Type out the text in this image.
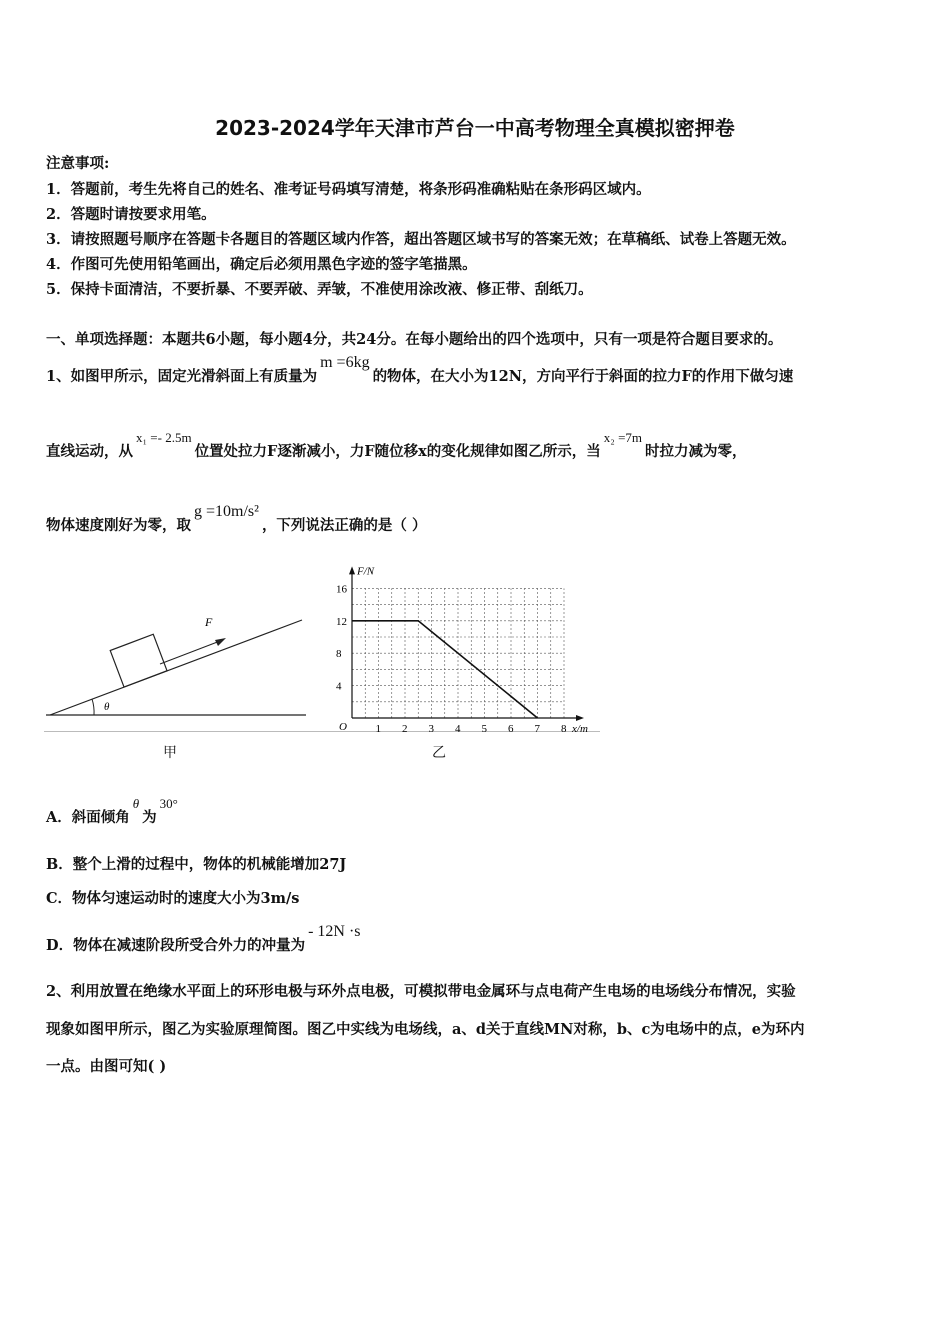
2023-2024学年天津市芦台一中高考物理全真模拟密押卷
注意事项:
1．答题前，考生先将自己的姓名、准考证号码填写清楚，将条形码准确粘贴在条形码区域内。
2．答题时请按要求用笔。
3．请按照题号顺序在答题卡各题目的答题区域内作答，超出答题区域书写的答案无效；在草稿纸、试卷上答题无效。
4．作图可先使用铅笔画出，确定后必须用黑色字迹的签字笔描黑。
5．保持卡面清洁，不要折暴、不要弄破、弄皱，不准使用涂改液、修正带、刮纸刀。
一、单项选择题：本题共6小题，每小题4分，共24分。在每小题给出的四个选项中，只有一项是符合题目要求的。
1、如图甲所示，固定光滑斜面上有质量为m =6kg的物体，在大小为12N，方向平行于斜面的拉力F的作用下做匀速
直线运动，从x₁ =- 2.5m位置处拉力F逐渐减小，力F随位移x的变化规律如图乙所示，当x₂ =7m时拉力减为零，
物体速度刚好为零，取g =10m/s²，下列说法正确的是（ ）
θ
F
1 2 3 4 5 6 7 8
4
8
12
16
O	x/m
F/N
甲	乙
A．斜面倾角θ为30°
B．整个上滑的过程中，物体的机械能增加27J
C．物体匀速运动时的速度大小为3m/s
D．物体在减速阶段所受合外力的冲量为- 12N ·s
2、利用放置在绝缘水平面上的环形电极与环外点电极，可模拟带电金属环与点电荷产生电场的电场线分布情况，实验
现象如图甲所示，图乙为实验原理简图。图乙中实线为电场线，a、d关于直线MN对称，b、c为电场中的点，e为环内
一点。由图可知( )
